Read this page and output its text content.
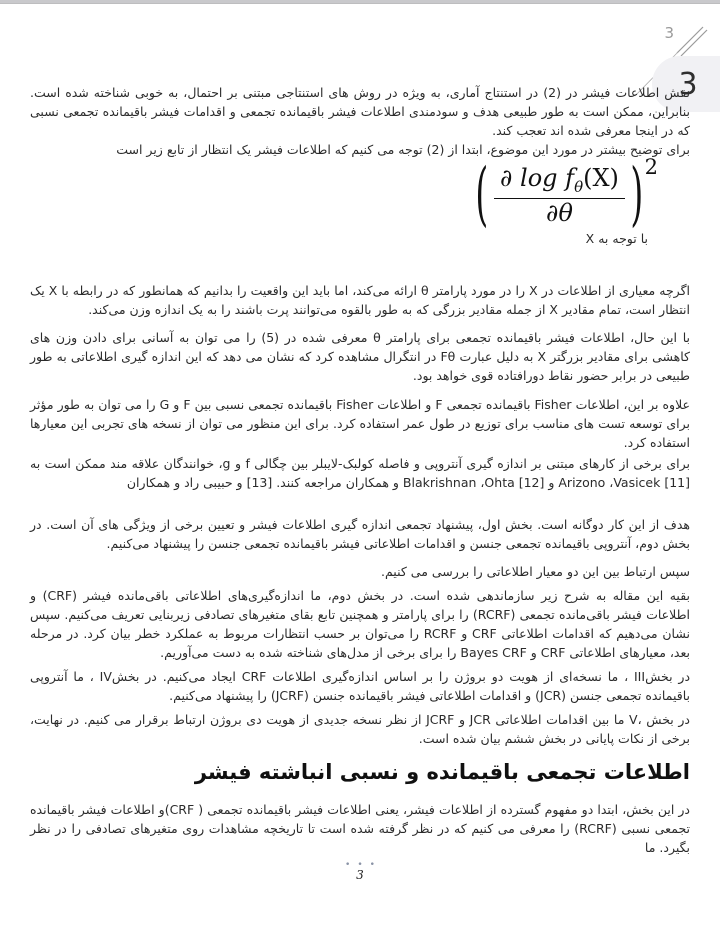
3
3

نقش اطلاعات فیشر در (2) در استنتاج آماری، به ویژه در روش های استنتاجی مبتنی بر احتمال، به خوبی شناخته شده است. بنابراین، ممکن است به طور طبیعی هدف و سودمندی اطلاعات فیشر باقیمانده تجمعی و اقدامات فیشر باقیمانده تجمعی نسبی که در اینجا معرفی شده اند تعجب کند.

برای توضیح بیشتر در مورد این موضوع، ابتدا از (2) توجه می کنیم که اطلاعات فیشر یک انتظار از تابع زیر است

( $\frac{\partial \log f_\theta(X)}{\partial\theta}$ ) 2

با توجه به X

اگرچه معیاری از اطلاعات در X را در مورد پارامتر θ ارائه می‌کند، اما باید این واقعیت را بدانیم که همانطور که در رابطه با X یک انتظار است، تمام مقادیر X از جمله مقادیر بزرگی که به طور بالقوه می‌توانند پرت باشند را به یک اندازه وزن می‌کند.

با این حال، اطلاعات فیشر باقیمانده تجمعی برای پارامتر θ معرفی شده در (5) را می توان به آسانی برای دادن وزن های کاهشی برای مقادیر بزرگتر X به دلیل عبارت Fθ در انتگرال مشاهده کرد که نشان می دهد که این اندازه گیری اطلاعاتی به طور طبیعی در برابر حضور نقاط دورافتاده قوی خواهد بود.

علاوه بر این، اطلاعات Fisher باقیمانده تجمعی F و اطلاعات Fisher باقیمانده تجمعی نسبی بین F و G را می توان به طور مؤثر برای توسعه تست های مناسب برای توزیع در طول عمر استفاده کرد. برای این منظور می توان از نسخه های تجربی این معیارها استفاده کرد.

برای برخی از کارهای مبتنی بر اندازه گیری آنتروپی و فاصله کولبک-لایبلر بین چگالی f و g، خوانندگان علاقه مند ممکن است به Arizono ،Vasicek [11] و Blakrishnan ،Ohta [12] و همکاران مراجعه کنند. [13] و حبیبی راد و همکاران

هدف از این کار دوگانه است. بخش اول، پیشنهاد تجمعی اندازه گیری اطلاعات فیشر و تعیین برخی از ویژگی های آن است. در بخش دوم، آنتروپی باقیمانده تجمعی جنسن و اقدامات اطلاعاتی فیشر باقیمانده تجمعی جنسن را پیشنهاد می‌کنیم.

سپس ارتباط بین این دو معیار اطلاعاتی را بررسی می کنیم.

بقیه این مقاله به شرح زیر سازماندهی شده است. در بخش دوم، ما اندازه‌گیری‌های اطلاعاتی باقی‌مانده فیشر (CRF) و اطلاعات فیشر باقی‌مانده تجمعی (RCRF) را برای پارامتر و همچنین تابع بقای متغیرهای تصادفی زیربنایی تعریف می‌کنیم. سپس نشان می‌دهیم که اقدامات اطلاعاتی CRF و RCRF را می‌توان بر حسب انتظارات مربوط به عملکرد خطر بیان کرد. در مرحله بعد، معیارهای اطلاعاتی CRF و Bayes CRF را برای برخی از مدل‌های شناخته شده به دست می‌آوریم.

در بخشIII ، ما نسخه‌ای از هویت دو بروژن را بر اساس اندازه‌گیری اطلاعات CRF ایجاد می‌کنیم. در بخشIV ، ما آنتروپی باقیمانده تجمعی جنسن (JCR) و اقدامات اطلاعاتی فیشر باقیمانده جنسن (JCRF) را پیشنهاد می‌کنیم.

در بخش ،V ما بین اقدامات اطلاعاتی JCR و JCRF از نظر نسخه جدیدی از هویت دی بروژن ارتباط برقرار می کنیم. در نهایت، برخی از نکات پایانی در بخش ششم بیان شده است.

اطلاعات تجمعی باقیمانده و نسبی انباشته فیشر

در این بخش، ابتدا دو مفهوم گسترده از اطلاعات فیشر، یعنی اطلاعات فیشر باقیمانده تجمعی ( CRF)و اطلاعات فیشر باقیمانده تجمعی نسبی (RCRF) را معرفی می کنیم که در نظر گرفته شده است تا تاریخچه مشاهدات روی متغیرهای تصادفی را در نظر بگیرد. ما

•••
3
